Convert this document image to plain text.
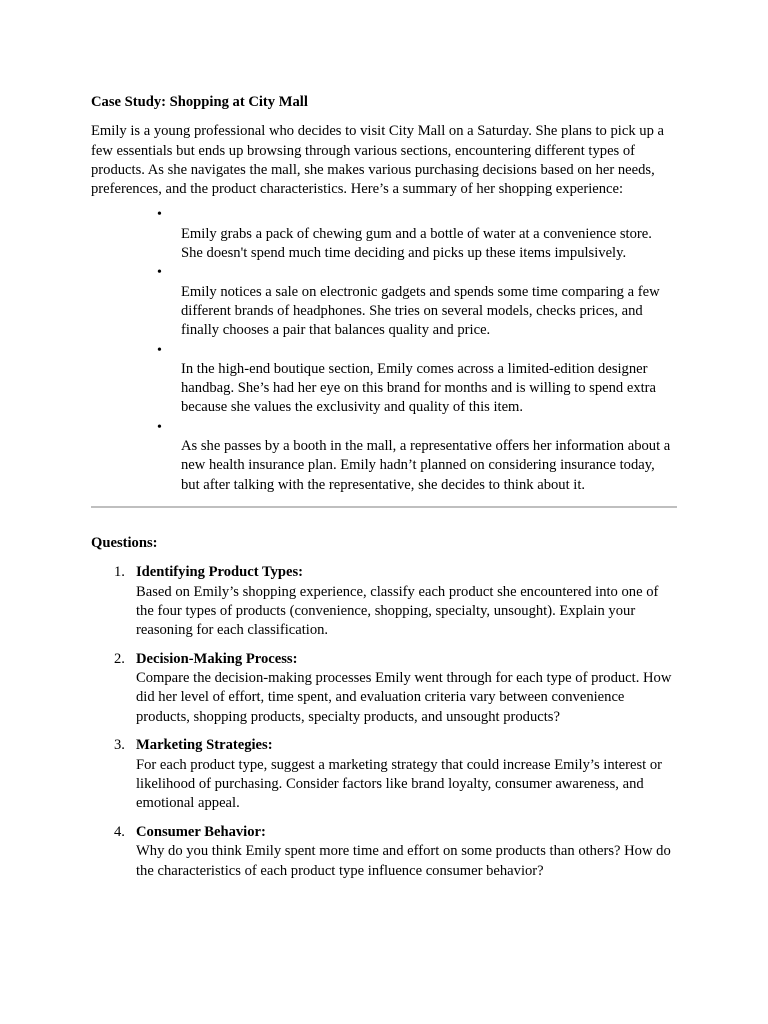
Case Study: Shopping at City Mall

Emily is a young professional who decides to visit City Mall on a Saturday. She plans to pick up a few essentials but ends up browsing through various sections, encountering different types of products. As she navigates the mall, she makes various purchasing decisions based on her needs, preferences, and the product characteristics. Here’s a summary of her shopping experience:

•
Emily grabs a pack of chewing gum and a bottle of water at a convenience store. She doesn't spend much time deciding and picks up these items impulsively.
•
Emily notices a sale on electronic gadgets and spends some time comparing a few different brands of headphones. She tries on several models, checks prices, and finally chooses a pair that balances quality and price.
•
In the high-end boutique section, Emily comes across a limited-edition designer handbag. She’s had her eye on this brand for months and is willing to spend extra because she values the exclusivity and quality of this item.
•
As she passes by a booth in the mall, a representative offers her information about a new health insurance plan. Emily hadn’t planned on considering insurance today, but after talking with the representative, she decides to think about it.

Questions:

1. Identifying Product Types:
Based on Emily’s shopping experience, classify each product she encountered into one of the four types of products (convenience, shopping, specialty, unsought). Explain your reasoning for each classification.
2. Decision-Making Process:
Compare the decision-making processes Emily went through for each type of product. How did her level of effort, time spent, and evaluation criteria vary between convenience products, shopping products, specialty products, and unsought products?
3. Marketing Strategies:
For each product type, suggest a marketing strategy that could increase Emily’s interest or likelihood of purchasing. Consider factors like brand loyalty, consumer awareness, and emotional appeal.
4. Consumer Behavior:
Why do you think Emily spent more time and effort on some products than others? How do the characteristics of each product type influence consumer behavior?
